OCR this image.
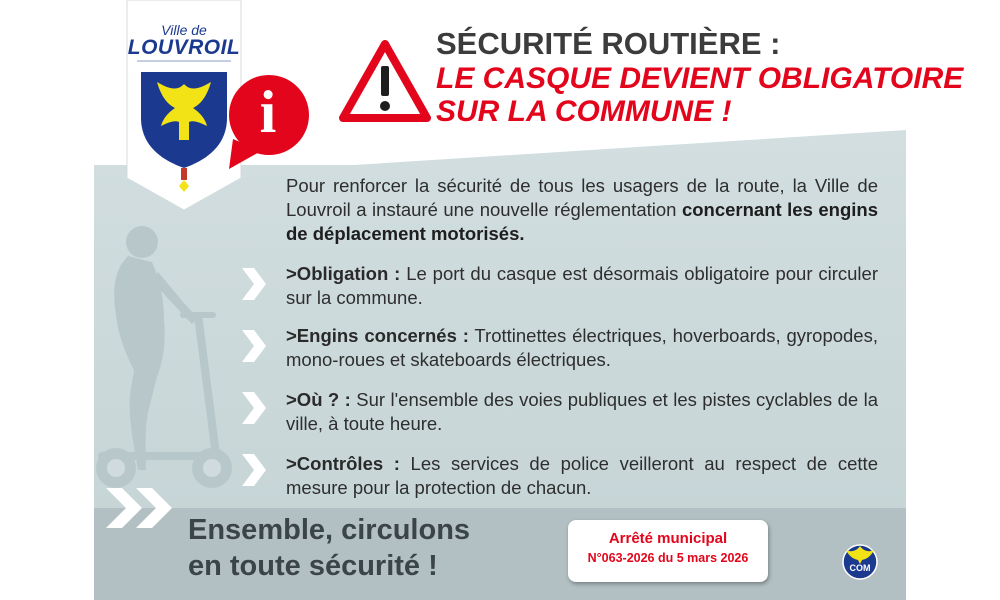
Ville de
LOUVROIL
i
SÉCURITÉ ROUTIÈRE :
LE CASQUE DEVIENT OBLIGATOIRE
SUR LA COMMUNE !
Pour renforcer la sécurité de tous les usagers de la route, la Ville de Louvroil a instauré une nouvelle réglementation concernant les engins de déplacement motorisés.
>Obligation : Le port du casque est désormais obligatoire pour circuler sur la commune.
>Engins concernés : Trottinettes électriques, hoverboards, gyropodes, mono-roues et skateboards électriques.
>Où ? : Sur l'ensemble des voies publiques et les pistes cyclables de la ville, à toute heure.
>Contrôles : Les services de police veilleront au respect de cette mesure pour la protection de chacun.
Ensemble, circulons
en toute sécurité !
Arrêté municipal
N°063-2026 du 5 mars 2026
COM
